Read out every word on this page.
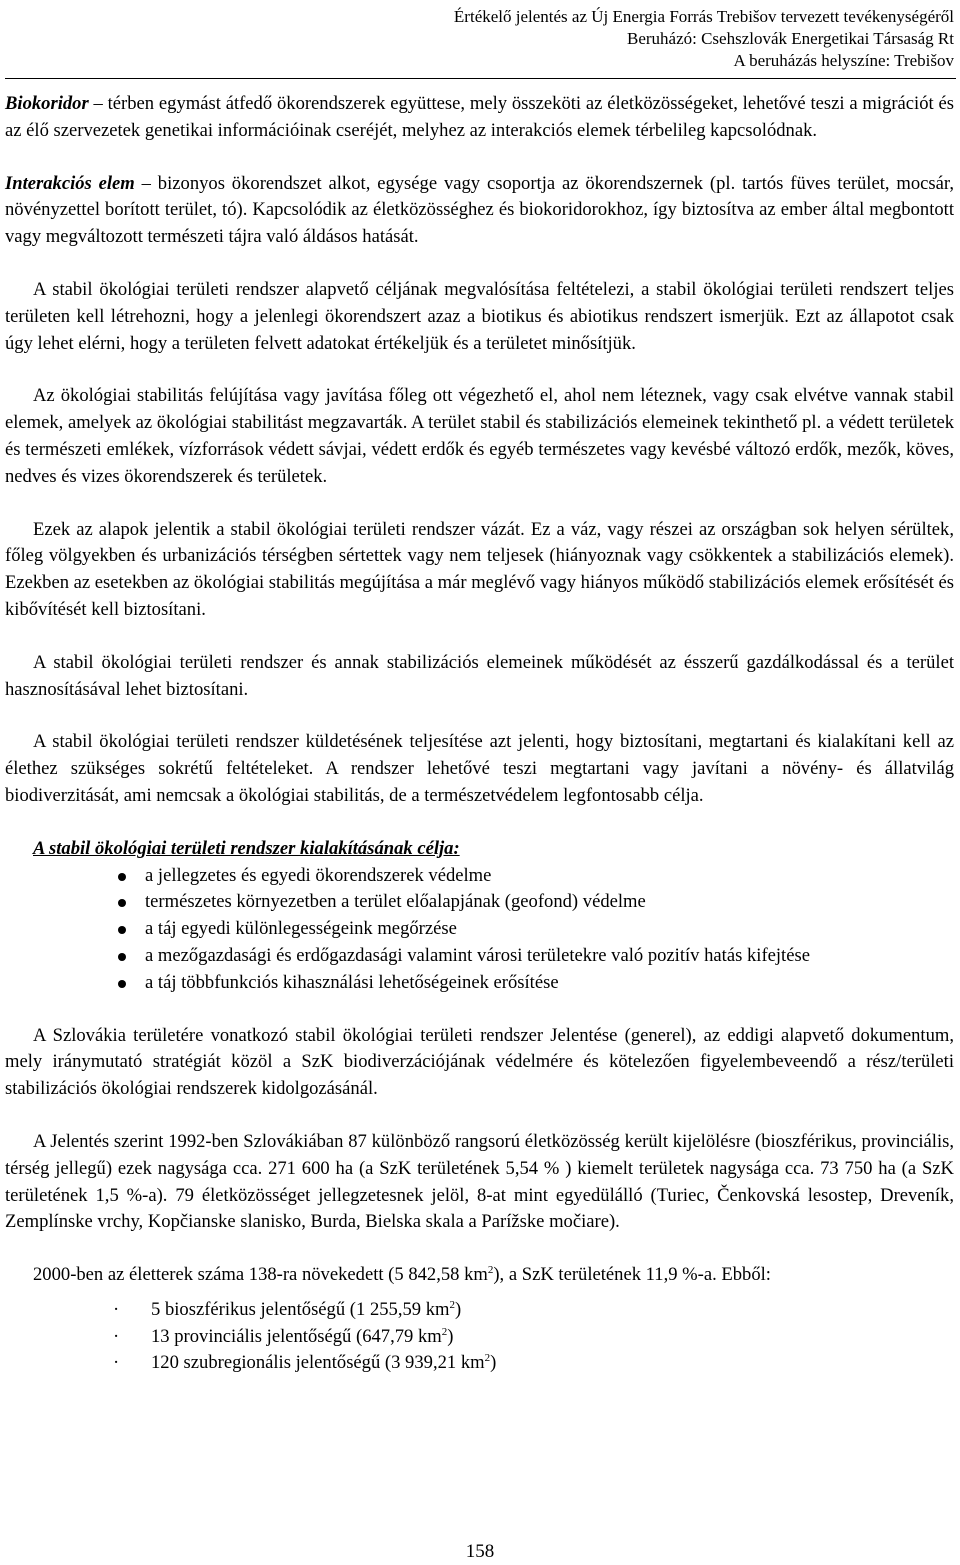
Értékelő jelentés az Új Energia Forrás Trebišov tervezett tevékenységéről
Beruházó: Csehszlovák Energetikai Társaság Rt
A beruházás helyszíne: Trebišov

Biokoridor – térben egymást átfedő ökorendszerek együttese, mely összeköti az életközösségeket, lehetővé teszi a migrációt és az élő szervezetek genetikai információinak cseréjét, melyhez az interakciós elemek térbelileg kapcsolódnak.

Interakciós elem – bizonyos ökorendszet alkot, egysége vagy csoportja az ökorendszernek (pl. tartós füves terület, mocsár, növényzettel borított terület, tó). Kapcsolódik az életközösséghez és biokoridorokhoz, így biztosítva az ember által megbontott vagy megváltozott természeti tájra való áldásos hatását.

A stabil ökológiai területi rendszer alapvető céljának megvalósítása feltételezi, a stabil ökológiai területi rendszert teljes területen kell létrehozni, hogy a jelenlegi ökorendszert azaz a biotikus és abiotikus rendszert ismerjük. Ezt az állapotot csak úgy lehet elérni, hogy a területen felvett adatokat értékeljük és a területet minősítjük.

Az ökológiai stabilitás felújítása vagy javítása főleg ott végezhető el, ahol nem léteznek, vagy csak elvétve vannak stabil elemek, amelyek az ökológiai stabilitást megzavarták. A terület stabil és stabilizációs elemeinek tekinthető pl. a védett területek és természeti emlékek, vízforrások védett sávjai, védett erdők és egyéb természetes vagy kevésbé változó erdők, mezők, köves, nedves és vizes ökorendszerek és területek.

Ezek az alapok jelentik a stabil ökológiai területi rendszer vázát. Ez a váz, vagy részei az országban sok helyen sérültek, főleg völgyekben és urbanizációs térségben sértettek vagy nem teljesek (hiányoznak vagy csökkentek a stabilizációs elemek). Ezekben az esetekben az ökológiai stabilitás megújítása a már meglévő vagy hiányos működő stabilizációs elemek erősítését és kibővítését kell biztosítani.

A stabil ökológiai területi rendszer és annak stabilizációs elemeinek működését az ésszerű gazdálkodással és a terület hasznosításával lehet biztosítani.

A stabil ökológiai területi rendszer küldetésének teljesítése azt jelenti, hogy biztosítani, megtartani és kialakítani kell az élethez szükséges sokrétű feltételeket. A rendszer lehetővé teszi megtartani vagy javítani a növény- és állatvilág biodiverzitását, ami nemcsak a ökológiai stabilitás, de a természetvédelem legfontosabb célja.

A stabil ökológiai területi rendszer kialakításának célja:
a jellegzetes és egyedi ökorendszerek védelme
természetes környezetben a terület előalapjának (geofond) védelme
a táj egyedi különlegességeink megőrzése
a mezőgazdasági és erdőgazdasági valamint városi területekre való pozitív hatás kifejtése
a táj többfunkciós kihasználási lehetőségeinek erősítése

A Szlovákia területére vonatkozó stabil ökológiai területi rendszer Jelentése (generel), az eddigi alapvető dokumentum, mely iránymutató stratégiát közöl a SzK biodiverzációjának védelmére és kötelezően figyelembeveendő a rész/területi stabilizációs ökológiai rendszerek kidolgozásánál.

A Jelentés szerint 1992-ben Szlovákiában 87 különböző rangsorú életközösség került kijelölésre (bioszférikus, provinciális, térség jellegű) ezek nagysága cca. 271 600 ha (a SzK területének 5,54 % ) kiemelt területek nagysága cca. 73 750 ha (a SzK területének 1,5 %-a). 79 életközösséget jellegzetesnek jelöl, 8-at mint egyedülálló (Turiec, Čenkovská lesostep, Dreveník, Zemplínske vrchy, Kopčianske slanisko, Burda, Bielska skala a Parížske močiare).

2000-ben az életterek száma 138-ra növekedett (5 842,58 $km^2$), a SzK területének 11,9 %-a. Ebből:

· 5 bioszférikus jelentőségű (1 255,59 $km^2$)
· 13 provinciális jelentőségű (647,79 $km^2$)
· 120 szubregionális jelentőségű (3 939,21 $km^2$)
158
